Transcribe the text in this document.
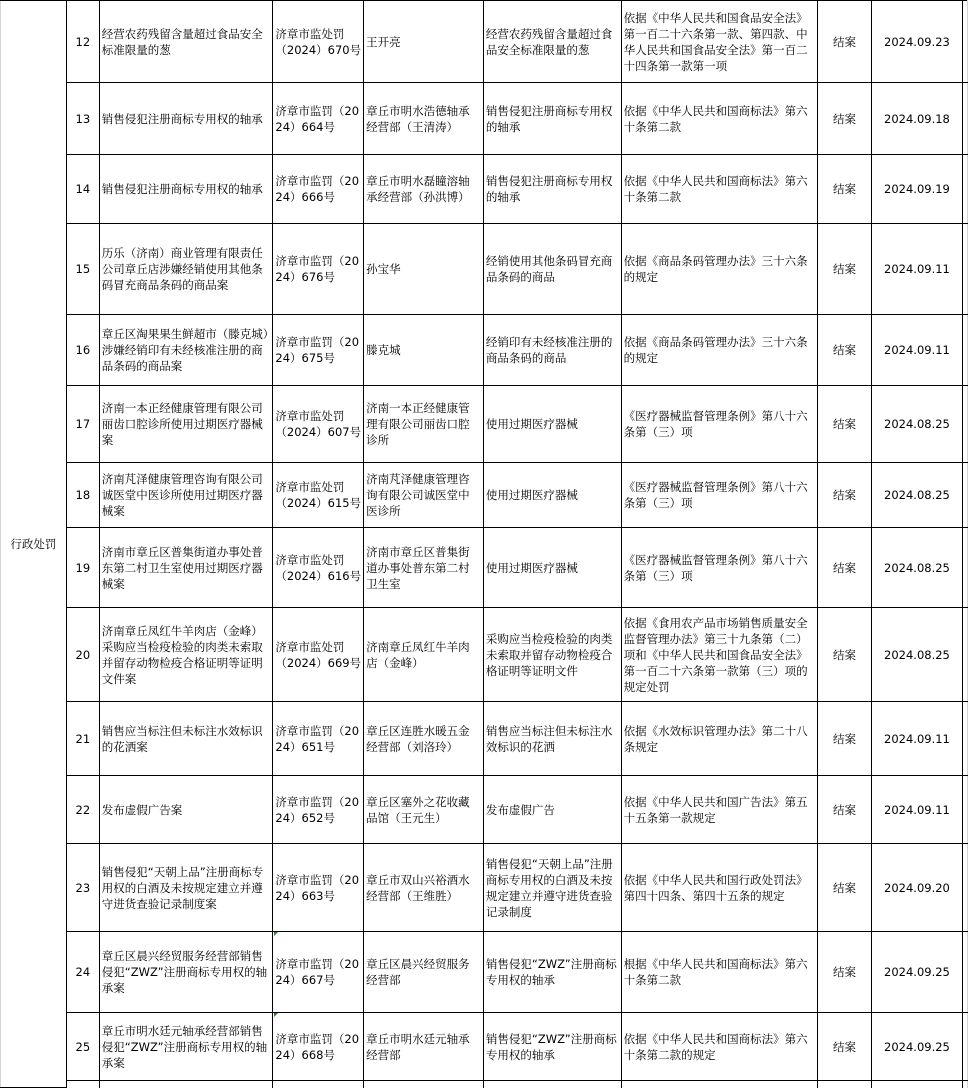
行政处罚	12	经营农药残留含量超过食品安全标准限量的葱	济章市监处罚（2024）670号	王开亮	经营农药残留含量超过食品安全标准限量的葱	依据《中华人民共和国食品安全法》第一百二十六条第一款、第四款、中华人民共和国食品安全法》第一百二十四条第一款第一项	结案	2024.09.23	
	13	销售侵犯注册商标专用权的轴承	济章市监罚（2024）664号	章丘市明水浩德轴承经营部（王清涛）	销售侵犯注册商标专用权的轴承	依据《中华人民共和国商标法》第六十条第二款	结案	2024.09.18	
	14	销售侵犯注册商标专用权的轴承	济章市监罚（2024）666号	章丘市明水磊瞳溶轴承经营部（孙洪博）	销售侵犯注册商标专用权的轴承	依据《中华人民共和国商标法》第六十条第二款	结案	2024.09.19	
	15	历乐（济南）商业管理有限责任公司章丘店涉嫌经销使用其他条码冒充商品条码的商品案	济章市监罚（2024）676号	孙宝华	经销使用其他条码冒充商品条码的商品	依据《商品条码管理办法》三十六条的规定	结案	2024.09.11	
	16	章丘区淘果果生鲜超市（滕克城）涉嫌经销印有未经核准注册的商品条码的商品案	济章市监罚（2024）675号	滕克城	经销印有未经核准注册的商品条码的商品	依据《商品条码管理办法》三十六条的规定	结案	2024.09.11	
	17	济南一本正经健康管理有限公司丽齿口腔诊所使用过期医疗器械案	济章市监处罚（2024）607号	济南一本正经健康管理有限公司丽齿口腔诊所	使用过期医疗器械	《医疗器械监督管理条例》第八十六条第（三）项	结案	2024.08.25	
	18	济南芃泽健康管理咨询有限公司诚医堂中医诊所使用过期医疗器械案	济章市监处罚（2024）615号	济南芃泽健康管理咨询有限公司诚医堂中医诊所	使用过期医疗器械	《医疗器械监督管理条例》第八十六条第（三）项	结案	2024.08.25	
	19	济南市章丘区普集街道办事处普东第二村卫生室使用过期医疗器械案	济章市监处罚（2024）616号	济南市章丘区普集街道办事处普东第二村卫生室	使用过期医疗器械	《医疗器械监督管理条例》第八十六条第（三）项	结案	2024.08.25	
	20	济南章丘凤红牛羊肉店（金峰）采购应当检疫检验的肉类未索取并留存动物检疫合格证明等证明文件案	济章市监处罚（2024）669号	济南章丘凤红牛羊肉店（金峰）	采购应当检疫检验的肉类未索取并留存动物检疫合格证明等证明文件	依据《食用农产品市场销售质量安全监督管理办法》第三十九条第（二）项和《中华人民共和国食品安全法》第一百二十六条第一款第（三）项的规定处罚	结案	2024.08.25	
	21	销售应当标注但未标注水效标识的花洒案	济章市监罚（2024）651号	章丘区连胜水暖五金经营部（刘洛玲）	销售应当标注但未标注水效标识的花洒	依据《水效标识管理办法》第二十八条规定	结案	2024.09.11	
	22	发布虚假广告案	济章市监罚（2024）652号	章丘区塞外之花收藏品馆（王元生）	发布虚假广告	依据《中华人民共和国广告法》第五十五条第一款规定	结案	2024.09.11	
	23	销售侵犯“天朝上品”注册商标专用权的白酒及未按规定建立并遵守进货查验记录制度案	济章市监罚（2024）663号	章丘市双山兴裕酒水经营部（王维胜）	销售侵犯“天朝上品”注册商标专用权的白酒及未按规定建立并遵守进货查验记录制度	依据《中华人民共和国行政处罚法》第四十四条、第四十五条的规定	结案	2024.09.20	
	24	章丘区晨兴经贸服务经营部销售侵犯“ZWZ”注册商标专用权的轴承案	济章市监罚（2024）667号	章丘区晨兴经贸服务经营部	销售侵犯“ZWZ”注册商标专用权的轴承	根据《中华人民共和国商标法》第六十条第二款	结案	2024.09.25	
	25	章丘市明水廷元轴承经营部销售侵犯“ZWZ”注册商标专用权的轴承案	济章市监罚（2024）668号	章丘市明水廷元轴承经营部	销售侵犯“ZWZ”注册商标专用权的轴承	依据《中华人民共和国商标法》第六十条第二款的规定	结案	2024.09.25	
